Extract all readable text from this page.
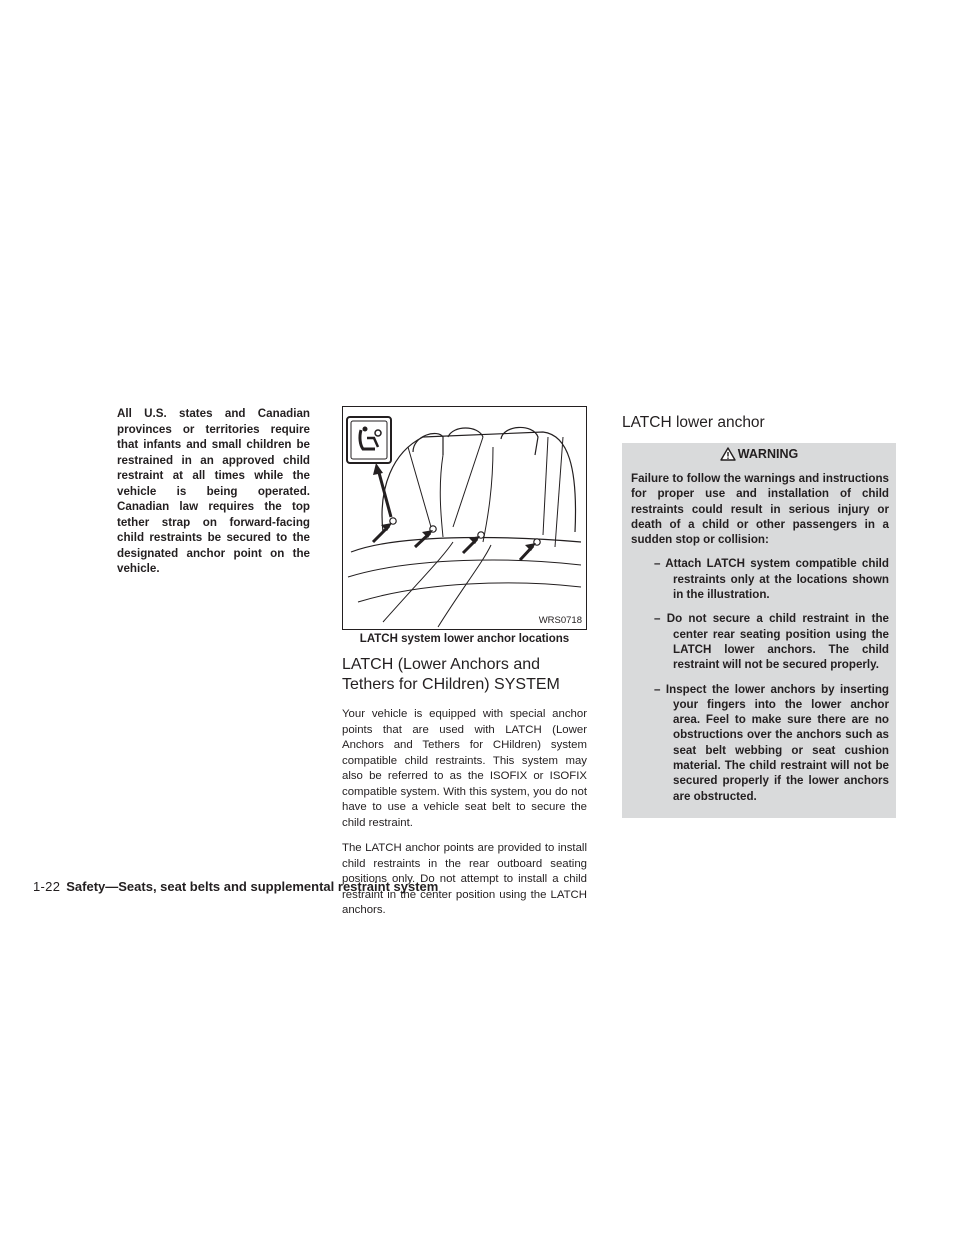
All U.S. states and Canadian provinces or territories require that infants and small children be restrained in an approved child restraint at all times while the vehicle is being operated. Canadian law requires the top tether strap on forward-facing child restraints be secured to the designated anchor point on the vehicle.

WRS0718

LATCH system lower anchor locations

LATCH (Lower Anchors and Tethers for CHildren) SYSTEM

Your vehicle is equipped with special anchor points that are used with LATCH (Lower Anchors and Tethers for CHildren) system compatible child restraints. This system may also be referred to as the ISOFIX or ISOFIX compatible system. With this system, you do not have to use a vehicle seat belt to secure the child restraint.

The LATCH anchor points are provided to install child restraints in the rear outboard seating positions only. Do not attempt to install a child restraint in the center position using the LATCH anchors.

LATCH lower anchor
WARNING

Failure to follow the warnings and instructions for proper use and installation of child restraints could result in serious injury or death of a child or other passengers in a sudden stop or collision:

– Attach LATCH system compatible child restraints only at the locations shown in the illustration.
– Do not secure a child restraint in the center rear seating position using the LATCH lower anchors. The child restraint will not be secured properly.
– Inspect the lower anchors by inserting your fingers into the lower anchor area. Feel to make sure there are no obstructions over the anchors such as seat belt webbing or seat cushion material. The child restraint will not be secured properly if the lower anchors are obstructed.
1-22 Safety—Seats, seat belts and supplemental restraint system
